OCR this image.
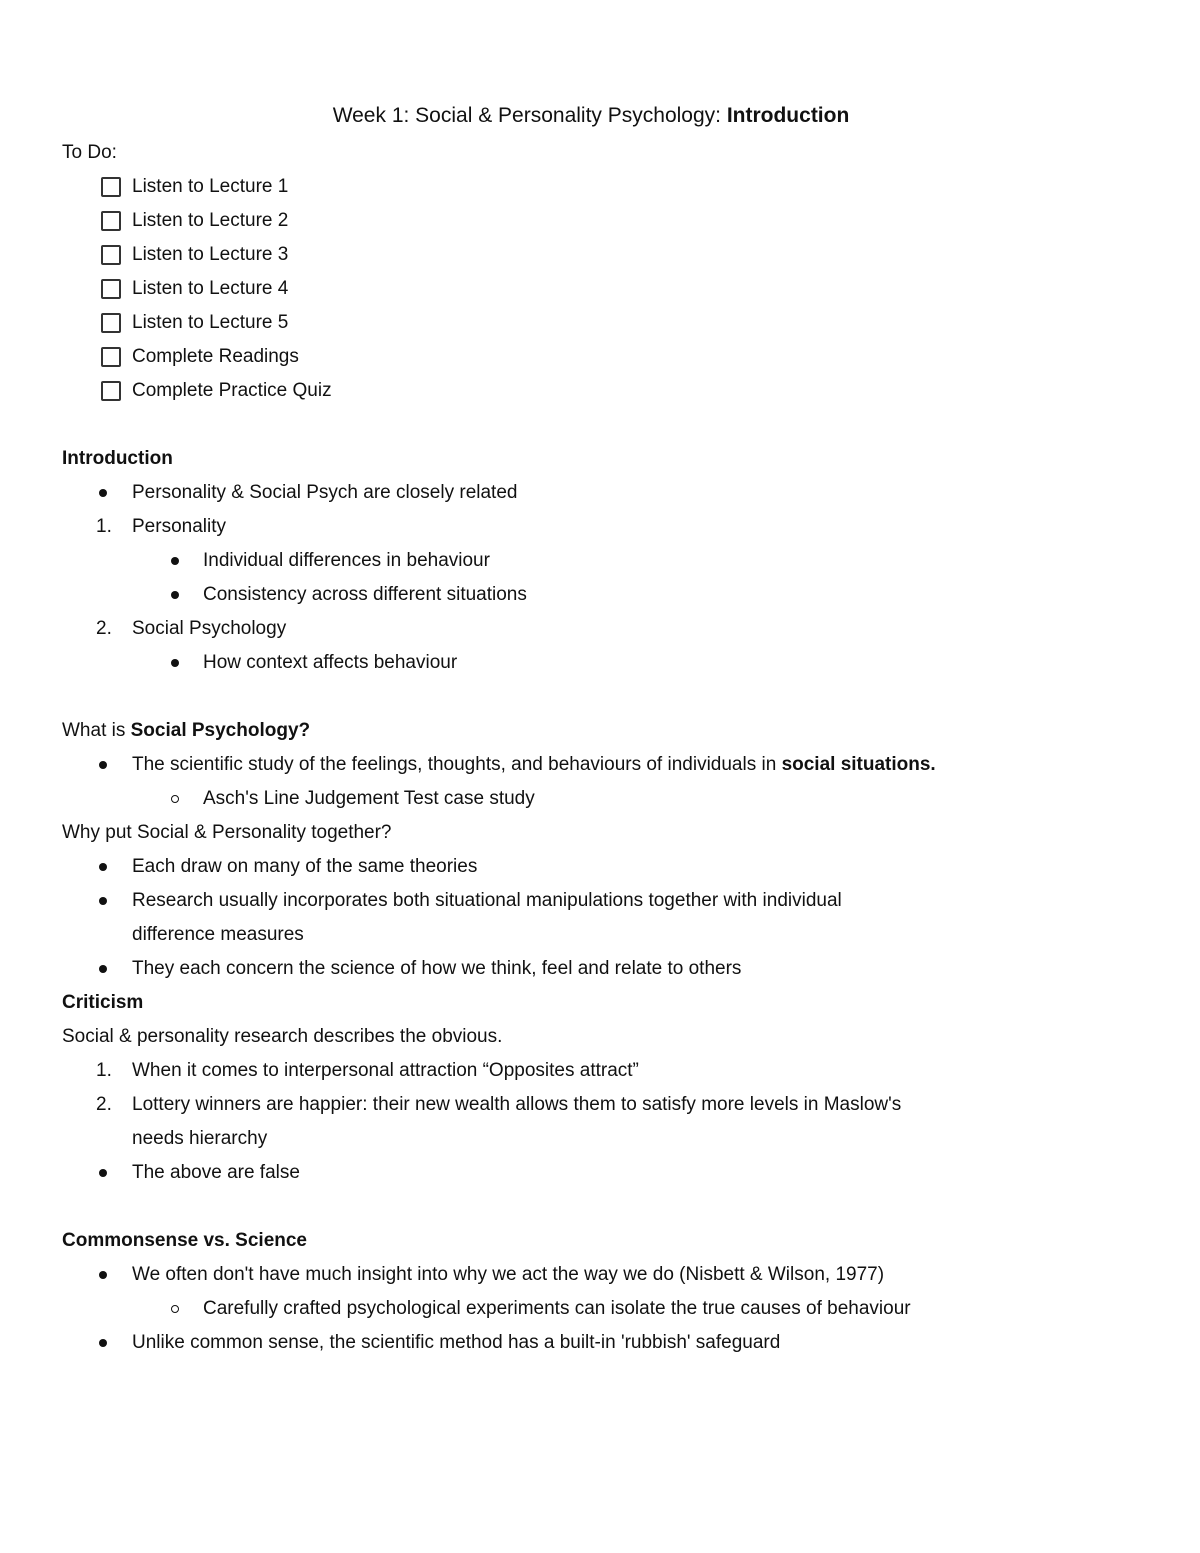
Week 1: Social & Personality Psychology: Introduction
To Do:
Listen to Lecture 1
Listen to Lecture 2
Listen to Lecture 3
Listen to Lecture 4
Listen to Lecture 5
Complete Readings
Complete Practice Quiz
Introduction
Personality & Social Psych are closely related
1.	Personality
Individual differences in behaviour
Consistency across different situations
2.	Social Psychology
How context affects behaviour
What is Social Psychology?
The scientific study of the feelings, thoughts, and behaviours of individuals in social situations.
Asch's Line Judgement Test case study
Why put Social & Personality together?
Each draw on many of the same theories
Research usually incorporates both situational manipulations together with individual
difference measures
They each concern the science of how we think, feel and relate to others
Criticism
Social & personality research describes the obvious.
1.	When it comes to interpersonal attraction “Opposites attract”
2.	Lottery winners are happier: their new wealth allows them to satisfy more levels in Maslow's
needs hierarchy
The above are false
Commonsense vs. Science
We often don't have much insight into why we act the way we do (Nisbett & Wilson, 1977)
Carefully crafted psychological experiments can isolate the true causes of behaviour
Unlike common sense, the scientific method has a built-in 'rubbish' safeguard
